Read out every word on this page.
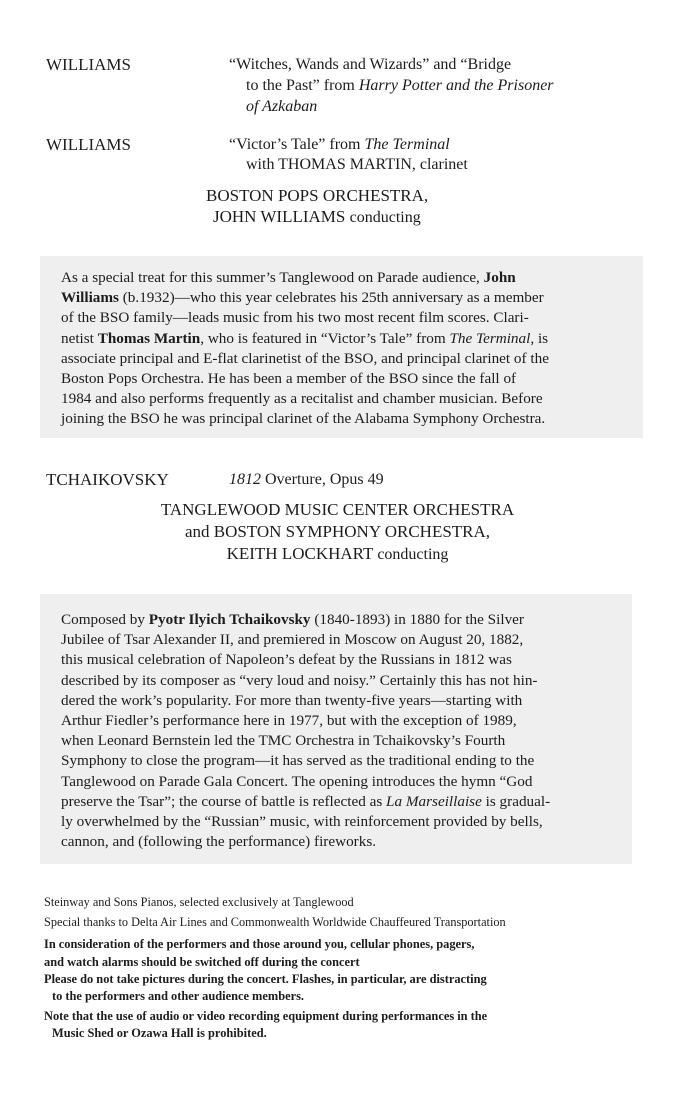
WILLIAMS	“Witches, Wands and Wizards” and “Bridge
to the Past” from Harry Potter and the Prisoner
of Azkaban
WILLIAMS	“Victor’s Tale” from The Terminal
with THOMAS MARTIN, clarinet
BOSTON POPS ORCHESTRA,
JOHN WILLIAMS conducting
As a special treat for this summer’s Tanglewood on Parade audience, John
Williams (b.1932)—who this year celebrates his 25th anniversary as a member
of the BSO family—leads music from his two most recent film scores. Clari-
netist Thomas Martin, who is featured in “Victor’s Tale” from The Terminal, is
associate principal and E-flat clarinetist of the BSO, and principal clarinet of the
Boston Pops Orchestra. He has been a member of the BSO since the fall of
1984 and also performs frequently as a recitalist and chamber musician. Before
joining the BSO he was principal clarinet of the Alabama Symphony Orchestra.
TCHAIKOVSKY	1812 Overture, Opus 49
TANGLEWOOD MUSIC CENTER ORCHESTRA
and BOSTON SYMPHONY ORCHESTRA,
KEITH LOCKHART conducting
Composed by Pyotr Ilyich Tchaikovsky (1840-1893) in 1880 for the Silver
Jubilee of Tsar Alexander II, and premiered in Moscow on August 20, 1882,
this musical celebration of Napoleon’s defeat by the Russians in 1812 was
described by its composer as “very loud and noisy.” Certainly this has not hin-
dered the work’s popularity. For more than twenty-five years—starting with
Arthur Fiedler’s performance here in 1977, but with the exception of 1989,
when Leonard Bernstein led the TMC Orchestra in Tchaikovsky’s Fourth
Symphony to close the program—it has served as the traditional ending to the
Tanglewood on Parade Gala Concert. The opening introduces the hymn “God
preserve the Tsar”; the course of battle is reflected as La Marseillaise is gradual-
ly overwhelmed by the “Russian” music, with reinforcement provided by bells,
cannon, and (following the performance) fireworks.
Steinway and Sons Pianos, selected exclusively at Tanglewood
Special thanks to Delta Air Lines and Commonwealth Worldwide Chauffeured Transportation
In consideration of the performers and those around you, cellular phones, pagers,
and watch alarms should be switched off during the concert
Please do not take pictures during the concert. Flashes, in particular, are distracting
to the performers and other audience members.
Note that the use of audio or video recording equipment during performances in the
Music Shed or Ozawa Hall is prohibited.
